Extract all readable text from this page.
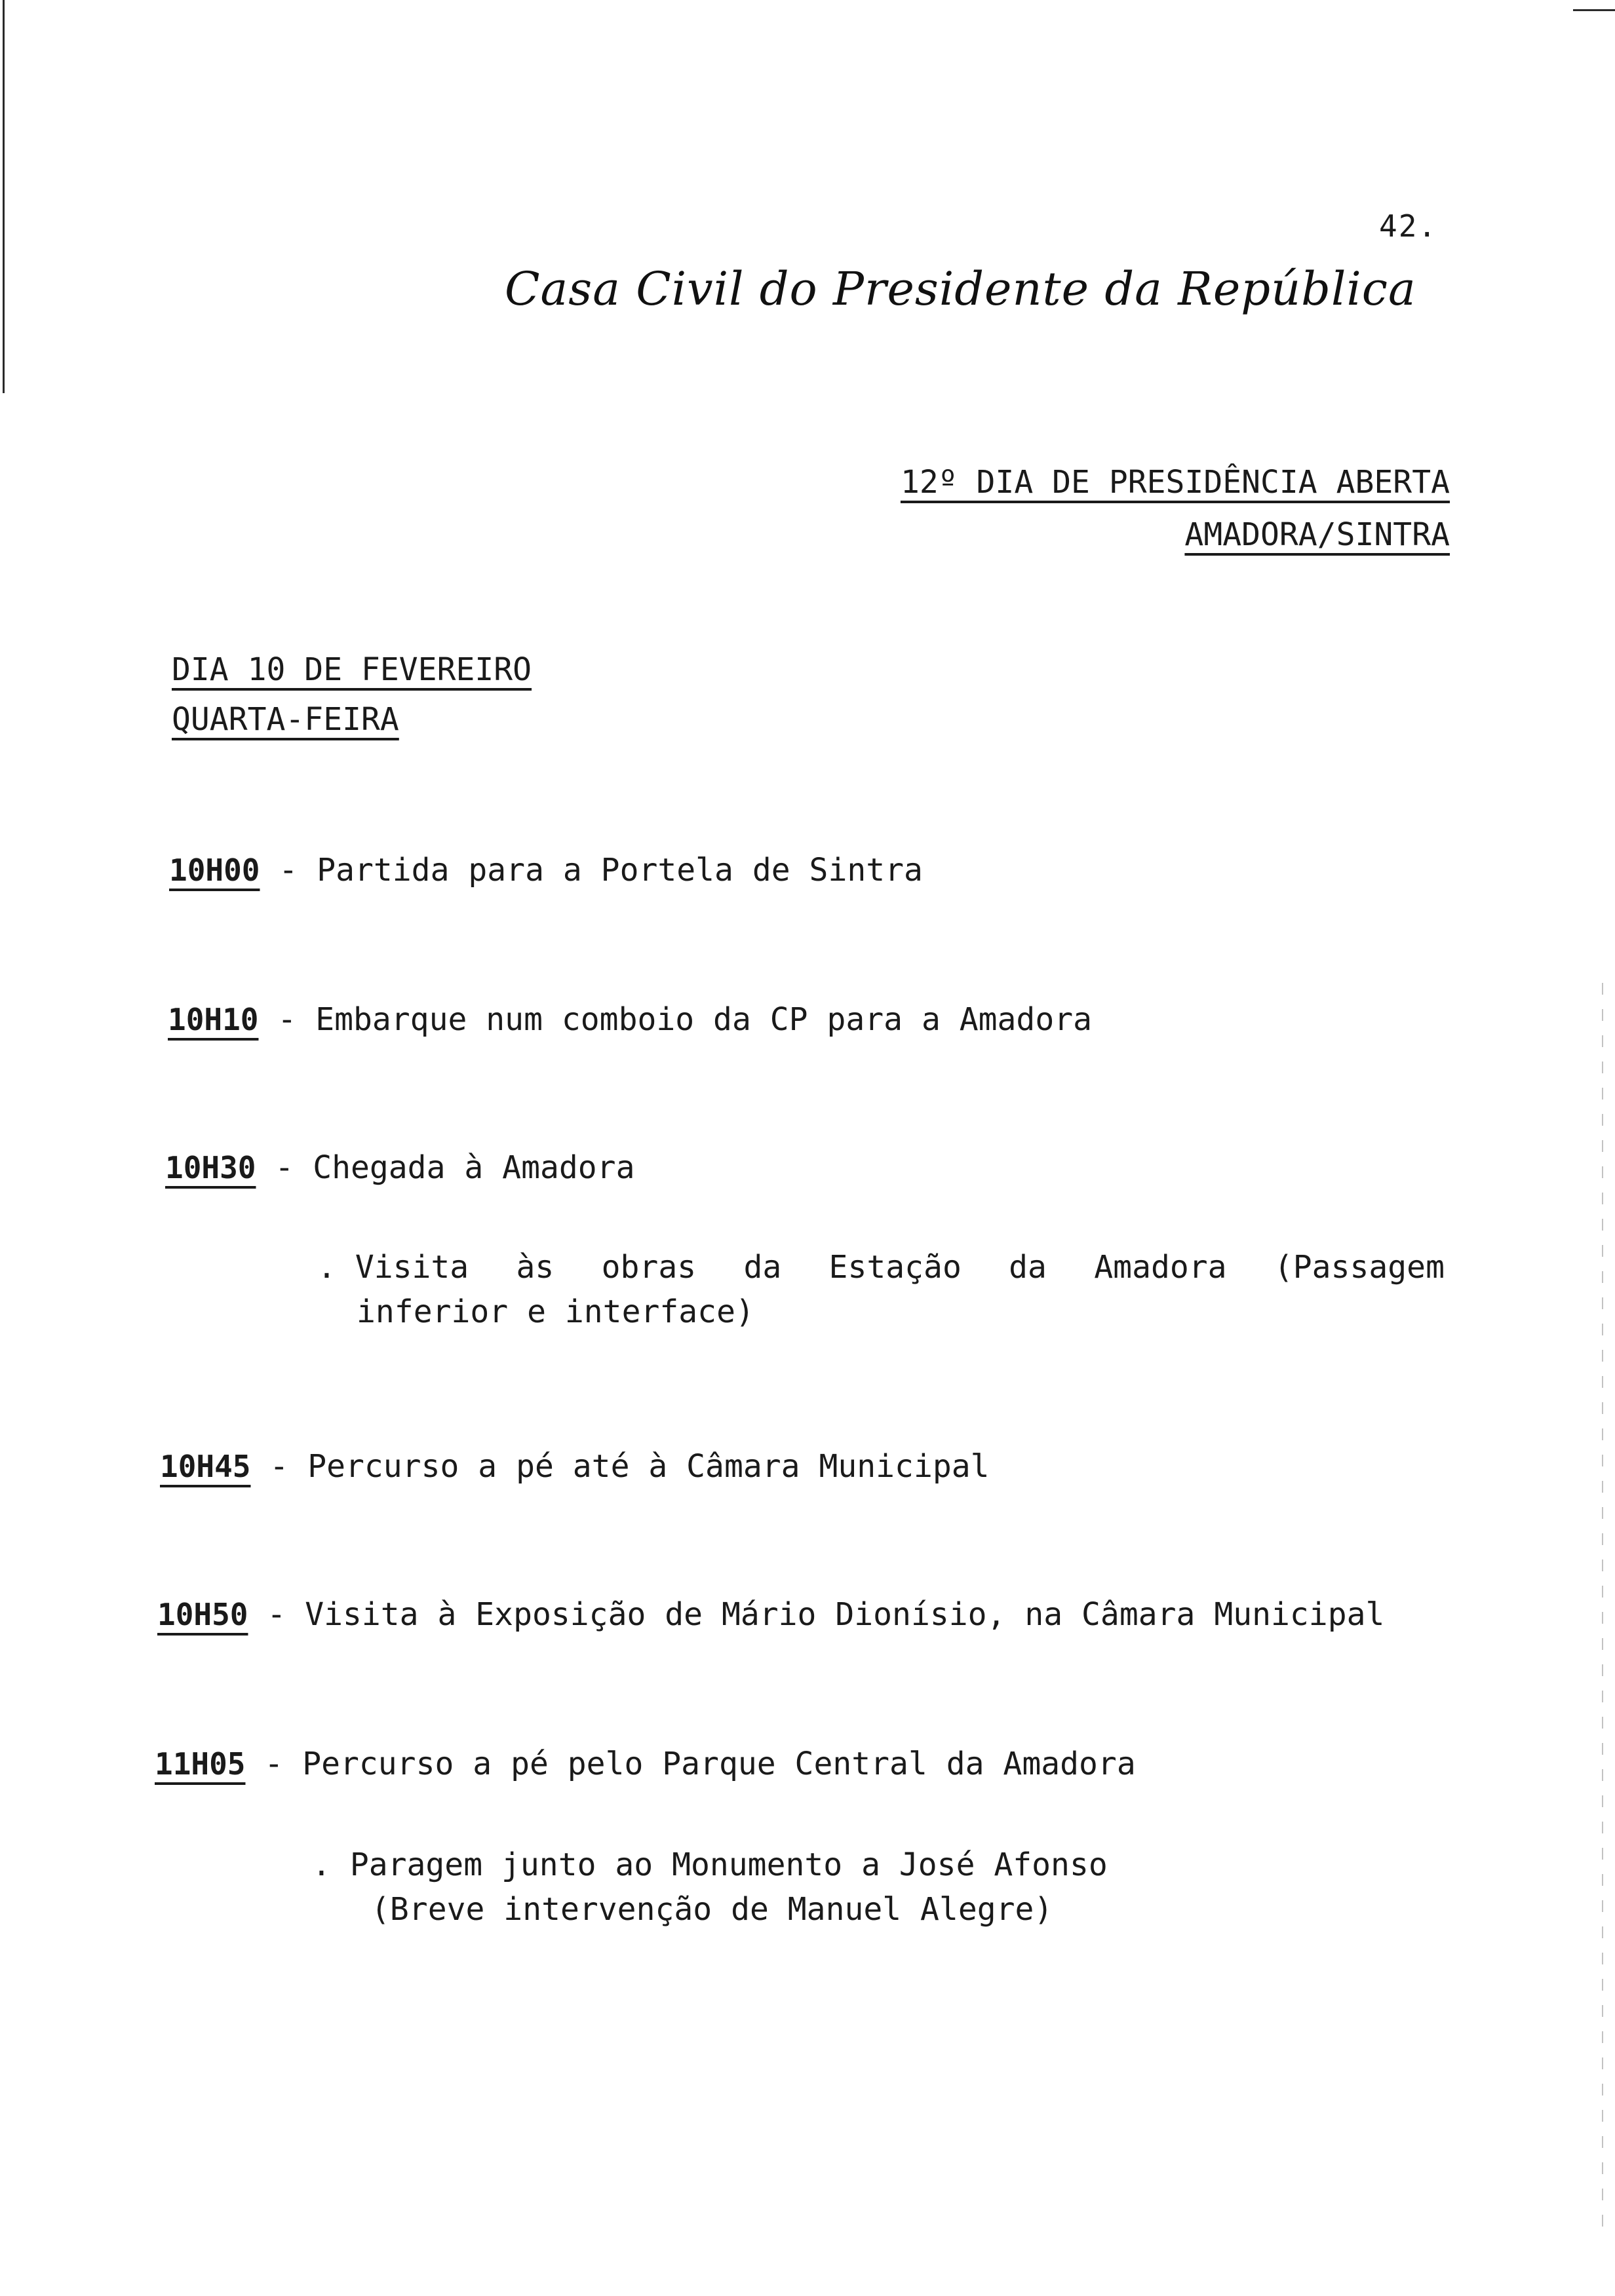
42.
Casa Civil do Presidente da República
12º DIA DE PRESIDÊNCIA ABERTA
AMADORA/SINTRA
DIA 10 DE FEVEREIRO
QUARTA-FEIRA
10H00 - Partida para a Portela de Sintra
10H10 - Embarque num comboio da CP para a Amadora
10H30 - Chegada à Amadora
. Visita às obras da Estação da Amadora (Passagem
inferior e interface)
10H45 - Percurso a pé até à Câmara Municipal
10H50 - Visita à Exposição de Mário Dionísio, na Câmara Municipal
11H05 - Percurso a pé pelo Parque Central da Amadora
. Paragem junto ao Monumento a José Afonso
(Breve intervenção de Manuel Alegre)
